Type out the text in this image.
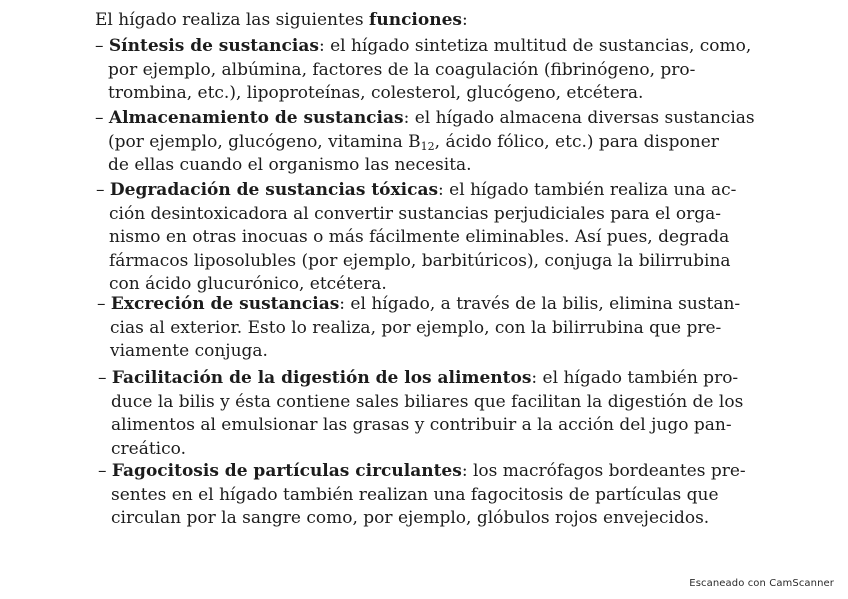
El hígado realiza las siguientes funciones:
– Síntesis de sustancias: el hígado sintetiza multitud de sustancias, como,
por ejemplo, albúmina, factores de la coagulación (fibrinógeno, pro-
trombina, etc.), lipoproteínas, colesterol, glucógeno, etcétera.
– Almacenamiento de sustancias: el hígado almacena diversas sustancias
(por ejemplo, glucógeno, vitamina $B_{12}$, ácido fólico, etc.) para disponer
de ellas cuando el organismo las necesita.
– Degradación de sustancias tóxicas: el hígado también realiza una ac-
ción desintoxicadora al convertir sustancias perjudiciales para el orga-
nismo en otras inocuas o más fácilmente eliminables. Así pues, degrada
fármacos liposolubles (por ejemplo, barbitúricos), conjuga la bilirrubina
con ácido glucurónico, etcétera.
– Excreción de sustancias: el hígado, a través de la bilis, elimina sustan-
cias al exterior. Esto lo realiza, por ejemplo, con la bilirrubina que pre-
viamente conjuga.
– Facilitación de la digestión de los alimentos: el hígado también pro-
duce la bilis y ésta contiene sales biliares que facilitan la digestión de los
alimentos al emulsionar las grasas y contribuir a la acción del jugo pan-
creático.
– Fagocitosis de partículas circulantes: los macrófagos bordeantes pre-
sentes en el hígado también realizan una fagocitosis de partículas que
circulan por la sangre como, por ejemplo, glóbulos rojos envejecidos.
Escaneado con CamScanner
